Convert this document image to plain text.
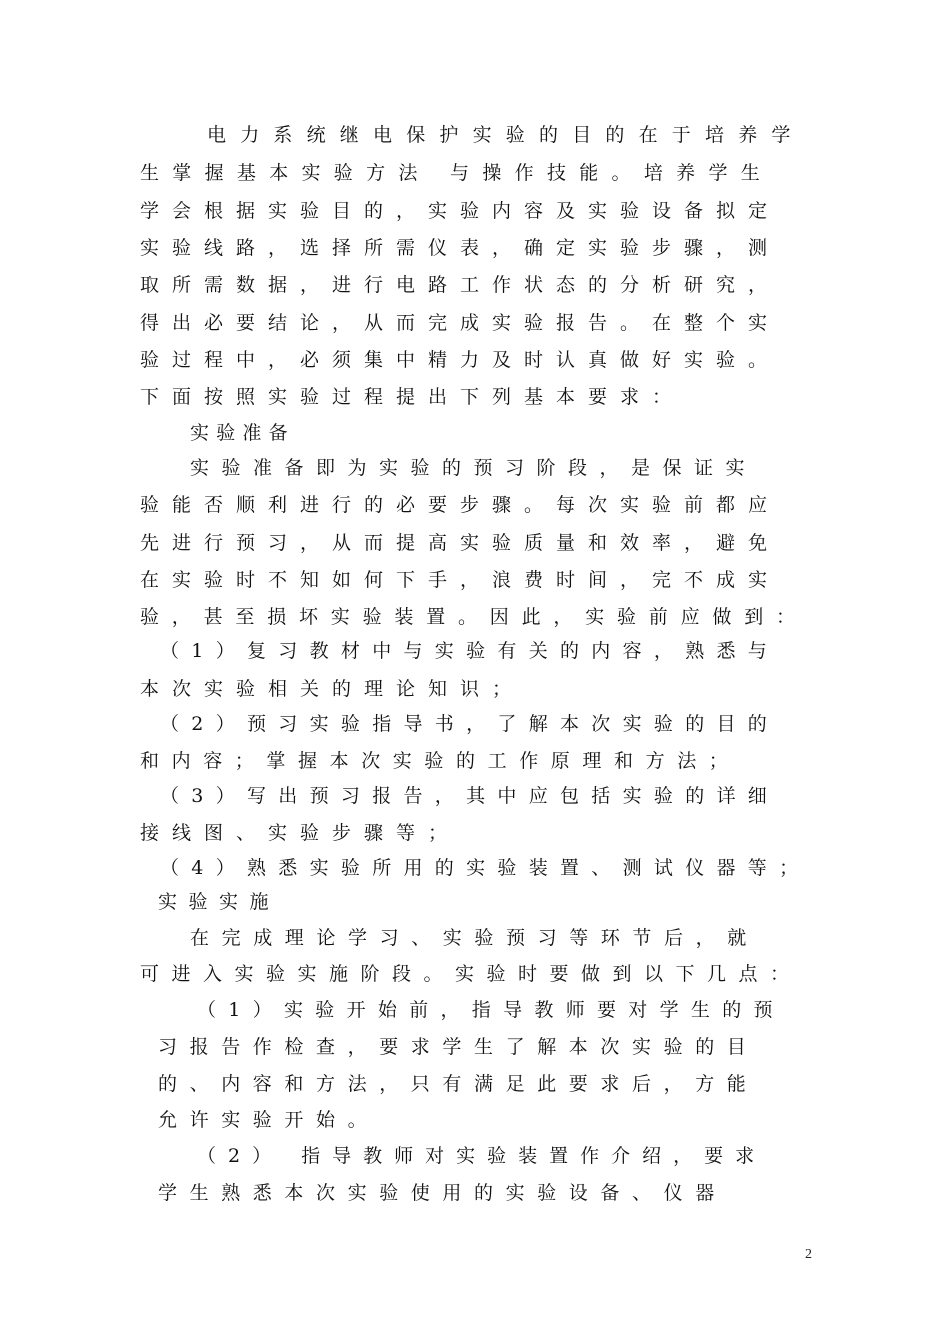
电力系统继电保护实验的目的在于培养学
生掌握基本实验方法 与操作技能。培养学生
学会根据实验目的，实验内容及实验设备拟定
实验线路，选择所需仪表，确定实验步骤，测
取所需数据，进行电路工作状态的分析研究，
得出必要结论，从而完成实验报告。在整个实
验过程中，必须集中精力及时认真做好实验。
下面按照实验过程提出下列基本要求：
实验准备
实验准备即为实验的预习阶段，是保证实
验能否顺利进行的必要步骤。每次实验前都应
先进行预习，从而提高实验质量和效率，避免
在实验时不知如何下手，浪费时间，完不成实
验，甚至损坏实验装置。因此，实验前应做到：
（1）复习教材中与实验有关的内容，熟悉与
本次实验相关的理论知识；
（2）预习实验指导书，了解本次实验的目的
和内容；掌握本次实验的工作原理和方法；
（3）写出预习报告，其中应包括实验的详细
接线图、实验步骤等；
（4）熟悉实验所用的实验装置、测试仪器等；
实验实施
在完成理论学习、实验预习等环节后，就
可进入实验实施阶段。实验时要做到以下几点：
（1）实验开始前，指导教师要对学生的预
习报告作检查，要求学生了解本次实验的目
的、内容和方法，只有满足此要求后，方能
允许实验开始。
（2） 指导教师对实验装置作介绍，要求
学生熟悉本次实验使用的实验设备、仪器
2
